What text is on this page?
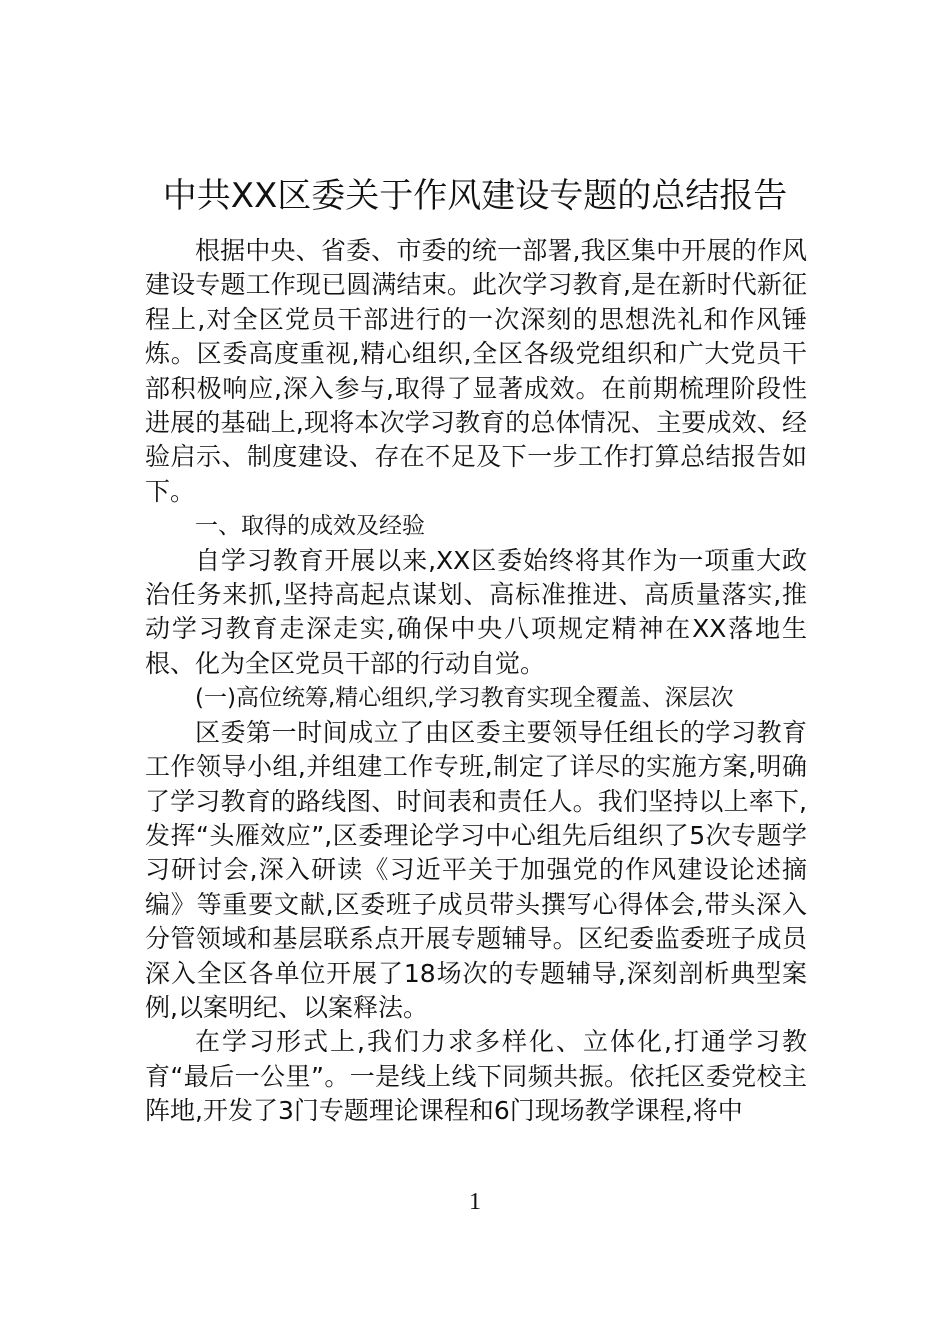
中共XX区委关于作风建设专题的总结报告

根据中央、省委、市委的统一部署,我区集中开展的作风建设专题工作现已圆满结束。此次学习教育,是在新时代新征程上,对全区党员干部进行的一次深刻的思想洗礼和作风锤炼。区委高度重视,精心组织,全区各级党组织和广大党员干部积极响应,深入参与,取得了显著成效。在前期梳理阶段性进展的基础上,现将本次学习教育的总体情况、主要成效、经验启示、制度建设、存在不足及下一步工作打算总结报告如下。

一、取得的成效及经验

自学习教育开展以来,XX区委始终将其作为一项重大政治任务来抓,坚持高起点谋划、高标准推进、高质量落实,推动学习教育走深走实,确保中央八项规定精神在XX落地生根、化为全区党员干部的行动自觉。

(一)高位统筹,精心组织,学习教育实现全覆盖、深层次

区委第一时间成立了由区委主要领导任组长的学习教育工作领导小组,并组建工作专班,制定了详尽的实施方案,明确了学习教育的路线图、时间表和责任人。我们坚持以上率下,发挥“头雁效应”,区委理论学习中心组先后组织了5次专题学习研讨会,深入研读《习近平关于加强党的作风建设论述摘编》等重要文献,区委班子成员带头撰写心得体会,带头深入分管领域和基层联系点开展专题辅导。区纪委监委班子成员深入全区各单位开展了18场次的专题辅导,深刻剖析典型案例,以案明纪、以案释法。

在学习形式上,我们力求多样化、立体化,打通学习教育“最后一公里”。一是线上线下同频共振。依托区委党校主阵地,开发了3门专题理论课程和6门现场教学课程,将中

1
